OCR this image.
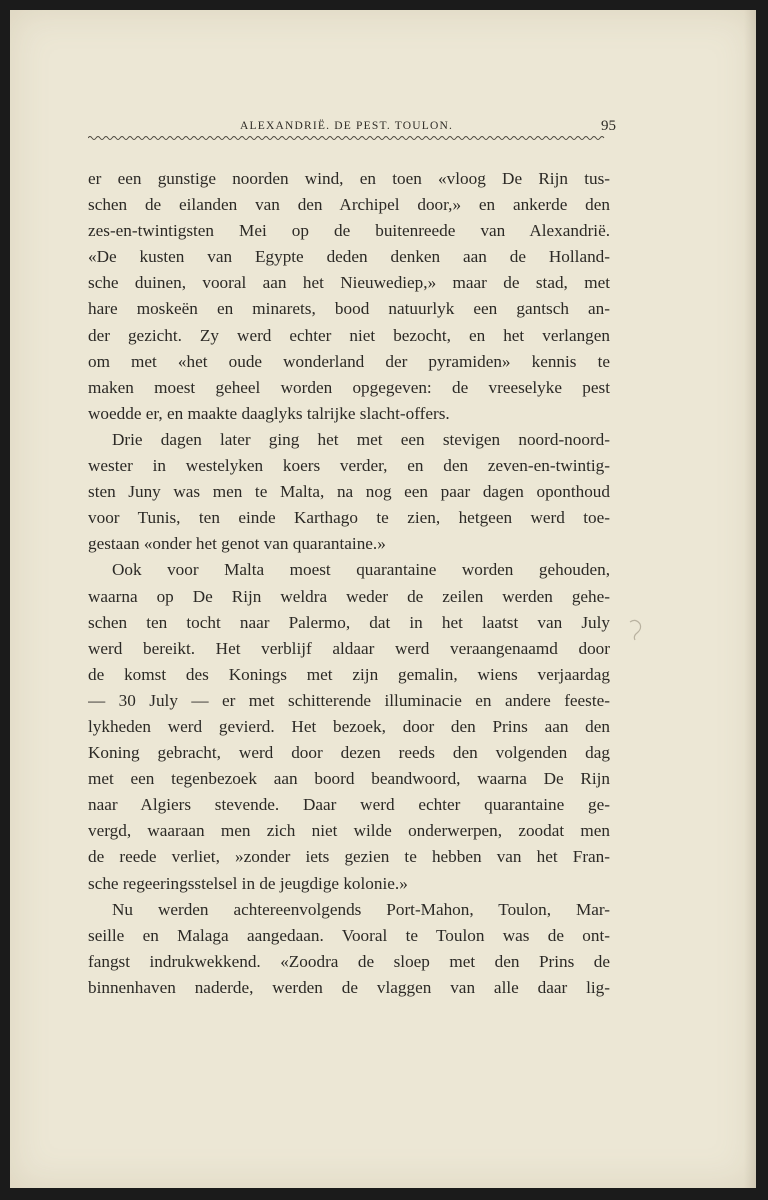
ALEXANDRIË. DE PEST. TOULON.	95
er een gunstige noorden wind, en toen «vloog De Rijn tus-
schen de eilanden van den Archipel door,» en ankerde den
zes-en-twintigsten Mei op de buitenreede van Alexandrië.
«De kusten van Egypte deden denken aan de Holland-
sche duinen, vooral aan het Nieuwediep,» maar de stad, met
hare moskeën en minarets, bood natuurlyk een gantsch an-
der gezicht. Zy werd echter niet bezocht, en het verlangen
om met «het oude wonderland der pyramiden» kennis te
maken moest geheel worden opgegeven: de vreeselyke pest
woedde er, en maakte daaglyks talrijke slacht-offers.
Drie dagen later ging het met een stevigen noord-noord-
wester in westelyken koers verder, en den zeven-en-twintig-
sten Juny was men te Malta, na nog een paar dagen oponthoud
voor Tunis, ten einde Karthago te zien, hetgeen werd toe-
gestaan «onder het genot van quarantaine.»
Ook voor Malta moest quarantaine worden gehouden,
waarna op De Rijn weldra weder de zeilen werden gehe-
schen ten tocht naar Palermo, dat in het laatst van July
werd bereikt. Het verblijf aldaar werd veraangenaamd door
de komst des Konings met zijn gemalin, wiens verjaardag
— 30 July — er met schitterende illuminacie en andere feeste-
lykheden werd gevierd. Het bezoek, door den Prins aan den
Koning gebracht, werd door dezen reeds den volgenden dag
met een tegenbezoek aan boord beandwoord, waarna De Rijn
naar Algiers stevende. Daar werd echter quarantaine ge-
vergd, waaraan men zich niet wilde onderwerpen, zoodat men
de reede verliet, »zonder iets gezien te hebben van het Fran-
sche regeeringsstelsel in de jeugdige kolonie.»
Nu werden achtereenvolgends Port-Mahon, Toulon, Mar-
seille en Malaga aangedaan. Vooral te Toulon was de ont-
fangst indrukwekkend. «Zoodra de sloep met den Prins de
binnenhaven naderde, werden de vlaggen van alle daar lig-
